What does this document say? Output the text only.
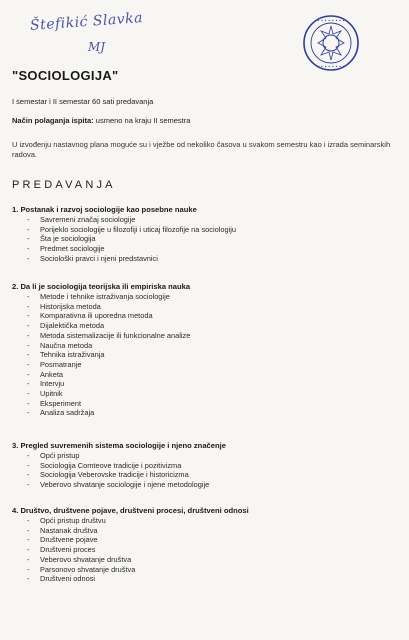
Štefikić Slavka
MJ
• • • • • • • •
• • • • • • • •
"SOCIOLOGIJA"
I semestar i II semestar 60 sati predavanja
Način polaganja ispita: usmeno na kraju II semestra
U izvođenju nastavnog plana moguće su i vježbe od nekoliko časova u svakom semestru kao i izrada seminarskih radova.
PREDAVANJA
1. Postanak i razvoj sociologije kao posebne nauke
- Savremeni značaj sociologije
- Porijeklo sociologije u filozofiji i uticaj filozofije na sociologiju
- Šta je sociologija
- Predmet sociologije
- Sociološki pravci i njeni predstavnici
2. Da li je sociologija teorijska ili empiriska nauka
- Metode i tehnike istraživanja sociologije
- Historijska metoda
- Komparativna ili uporedna metoda
- Dijalektička metoda
- Metoda sistemalizacije ili funkcionalne analize
- Naučna metoda
- Tehnika istraživanja
- Posmatranje
- Anketa
- Intervju
- Upitnik
- Eksperiment
- Analiza sadržaja
3. Pregled suvremenih sistema sociologije i njeno značenje
- Opći pristup
- Sociologija Comteove tradicije i pozitivizma
- Sociologija Veberovske tradicije i historicizma
- Veberovo shvatanje sociologije i njene metodologije
4. Društvo, društvene pojave, društveni procesi, društveni odnosi
- Opći pristup društvu
- Nastanak društva
- Društvene pojave
- Društveni proces
- Veberovo shvatanje društva
- Parsonovo shvatanje društva
- Društveni odnosi
